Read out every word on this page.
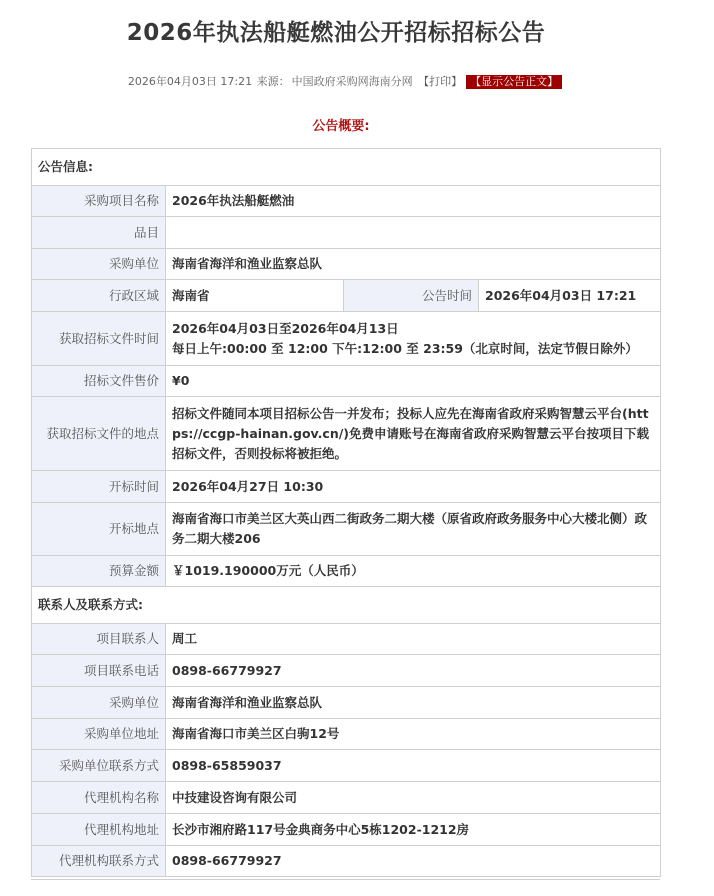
2026年执法船艇燃油公开招标招标公告
2026年04月03日 17:21 来源： 中国政府采购网海南分网 【打印】 【显示公告正文】
公告概要:
公告信息:			
采购项目名称	2026年执法船艇燃油		
品目			
采购单位	海南省海洋和渔业监察总队		
行政区域	海南省	公告时间	2026年04月03日 17:21
获取招标文件时间	2026年04月03日至2026年04月13日
每日上午:00:00 至 12:00 下午:12:00 至 23:59（北京时间，法定节假日除外）		

招标文件售价	¥0		
获取招标文件的地点	招标文件随同本项目招标公告一并发布；投标人应先在海南省政府采购智慧云平台(https://ccgp-hainan.gov.cn/)免费申请账号在海南省政府采购智慧云平台按项目下载招标文件，否则投标将被拒绝。		
开标时间	2026年04月27日 10:30		
开标地点	海南省海口市美兰区大英山西二街政务二期大楼（原省政府政务服务中心大楼北侧）政务二期大楼206		
预算金额	￥1019.190000万元（人民币）		
联系人及联系方式:			
项目联系人	周工		
项目联系电话	0898-66779927		
采购单位	海南省海洋和渔业监察总队		
采购单位地址	海南省海口市美兰区白驹12号		
采购单位联系方式	0898-65859037		
代理机构名称	中技建设咨询有限公司		
代理机构地址	长沙市湘府路117号金典商务中心5栋1202-1212房		
代理机构联系方式	0898-66779927		
